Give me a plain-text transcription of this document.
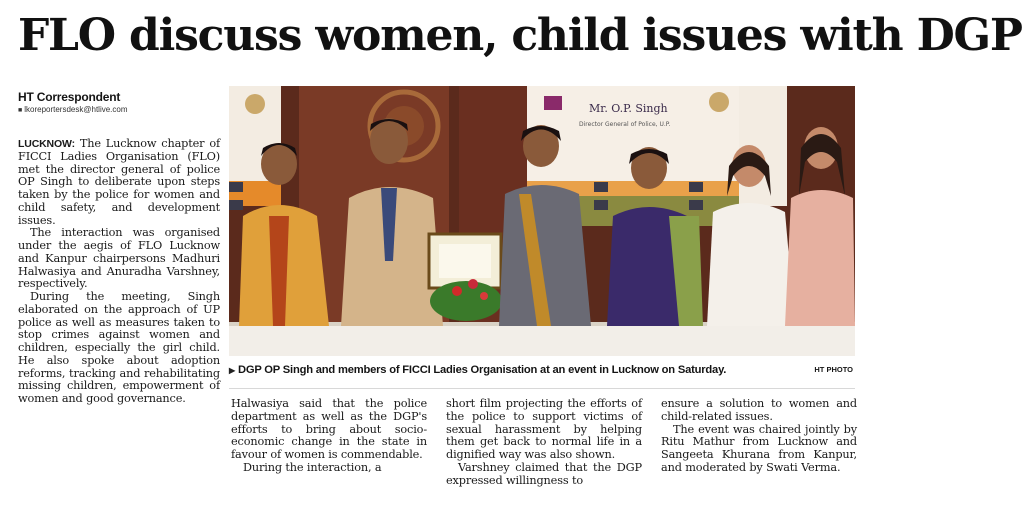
FLO discuss women, child issues with DGP
HT Correspondent
■ lkoreportersdesk@htlive.com

LUCKNOW: The Lucknow chapter of FICCI Ladies Organisation (FLO) met the director general of police OP Singh to deliberate upon steps taken by the police for women and child safety, and development issues.

The interaction was organised under the aegis of FLO Lucknow and Kanpur chairpersons Madhuri Halwasiya and Anuradha Varshney, respectively.

During the meeting, Singh elaborated on the approach of UP police as well as measures taken to stop crimes against women and children, especially the girl child. He also spoke about adoption reforms, tracking and rehabilitating missing children, empowerment of women and good governance.

Mr. O.P. Singh
Director General of Police, U.P.
▶ DGP OP Singh and members of FICCI Ladies Organisation at an event in Lucknow on Saturday.	HT PHOTO

Halwasiya said that the police department as well as the DGP's efforts to bring about socio-economic change in the state in favour of women is commendable.

During the interaction, a

short film projecting the efforts of the police to support victims of sexual harassment by helping them get back to normal life in a dignified way was also shown.

Varshney claimed that the DGP expressed willingness to

ensure a solution to women and child-related issues.

The event was chaired jointly by Ritu Mathur from Lucknow and Sangeeta Khurana from Kanpur, and moderated by Swati Verma.
